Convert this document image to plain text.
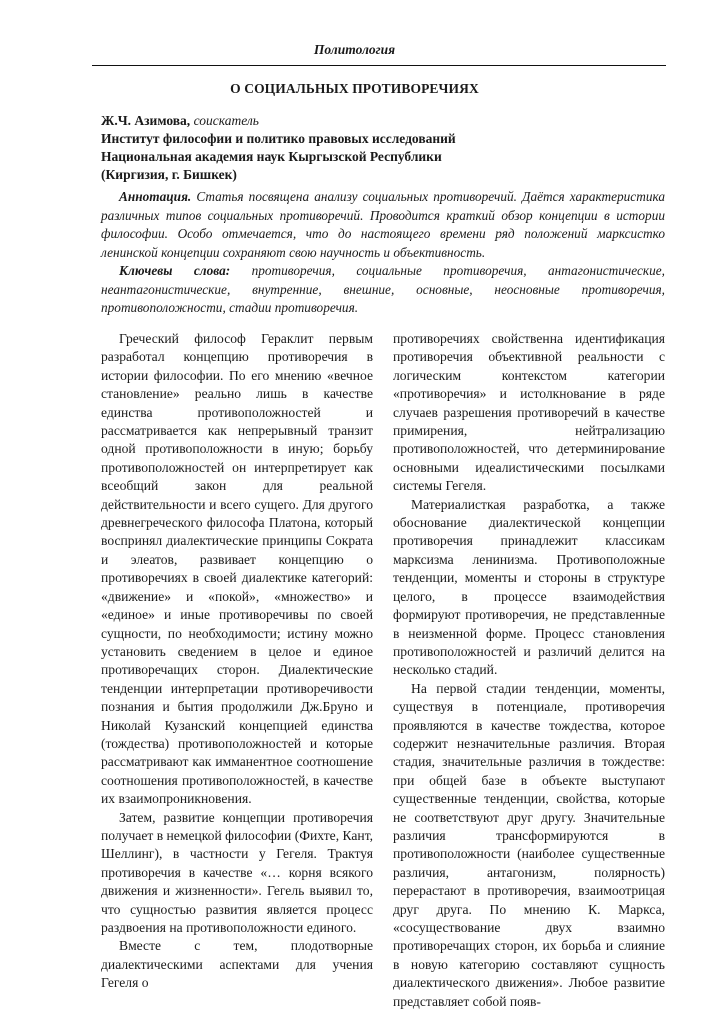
Политология
О СОЦИАЛЬНЫХ ПРОТИВОРЕЧИЯХ
Ж.Ч. Азимова, соискатель
Институт философии и политико правовых исследований
Национальная академия наук Кыргызской Республики
(Киргизия, г. Бишкек)

Аннотация. Статья посвящена анализу социальных противоречий. Даётся характеристика различных типов социальных противоречий. Проводится краткий обзор концепции в истории философии. Особо отмечается, что до настоящего времени ряд положений марксистко ленинской концепции сохраняют свою научность и объективность.

Ключевы слова: противоречия, социальные противоречия, антагонистические, неантагонистические, внутренние, внешние, основные, неосновные противоречия, противоположности, стадии противоречия.

Греческий философ Гераклит первым разработал концепцию противоречия в истории философии. По его мнению «вечное становление» реально лишь в качестве единства противоположностей и рассматривается как непрерывный транзит одной противоположности в иную; борьбу противоположностей он интерпретирует как всеобщий закон для реальной действительности и всего сущего. Для другого древнегреческого философа Платона, который воспринял диалектические принципы Сократа и элеатов, развивает концепцию о противоречиях в своей диалектике категорий: «движение» и «покой», «множество» и «единое» и иные противоречивы по своей сущности, по необходимости; истину можно установить сведением в целое и единое противоречащих сторон. Диалектические тенденции интерпретации противоречивости познания и бытия продолжили Дж.Бруно и Николай Кузанский концепцией единства (тождества) противоположностей и которые рассматривают как имманентное соотношение соотношения противоположностей, в качестве их взаимопроникновения.

Затем, развитие концепции противоречия получает в немецкой философии (Фихте, Кант, Шеллинг), в частности у Гегеля. Трактуя противоречия в качестве «… корня всякого движения и жизненности». Гегель выявил то, что сущностью развития является процесс раздвоения на противоположности единого.

Вместе с тем, плодотворные диалектическими аспектами для учения Гегеля о

противоречиях свойственна идентификация противоречия объективной реальности с логическим контекстом категории «противоречия» и истолкнование в ряде случаев разрешения противоречий в качестве примирения, нейтрализацию противоположностей, что детерминирование основными идеалистическими посылками системы Гегеля.

Материалисткая разработка, а также обоснование диалектической концепции противоречия принадлежит классикам марксизма ленинизма. Противоположные тенденции, моменты и стороны в структуре целого, в процессе взаимодействия формируют противоречия, не представленные в неизменной форме. Процесс становления противоположностей и различий делится на несколько стадий.

На первой стадии тенденции, моменты, существуя в потенциале, противоречия проявляются в качестве тождества, которое содержит незначительные различия. Вторая стадия, значительные различия в тождестве: при общей базе в объекте выступают существенные тенденции, свойства, которые не соответствуют друг другу. Значительные различия трансформируются в противоположности (наиболее существенные различия, антагонизм, полярность) перерастают в противоречия, взаимоотрицая друг друга. По мнению К. Маркса, «сосуществование двух взаимно противоречащих сторон, их борьба и слияние в новую категорию составляют сущность диалектического движения». Любое развитие представляет собой появ-
